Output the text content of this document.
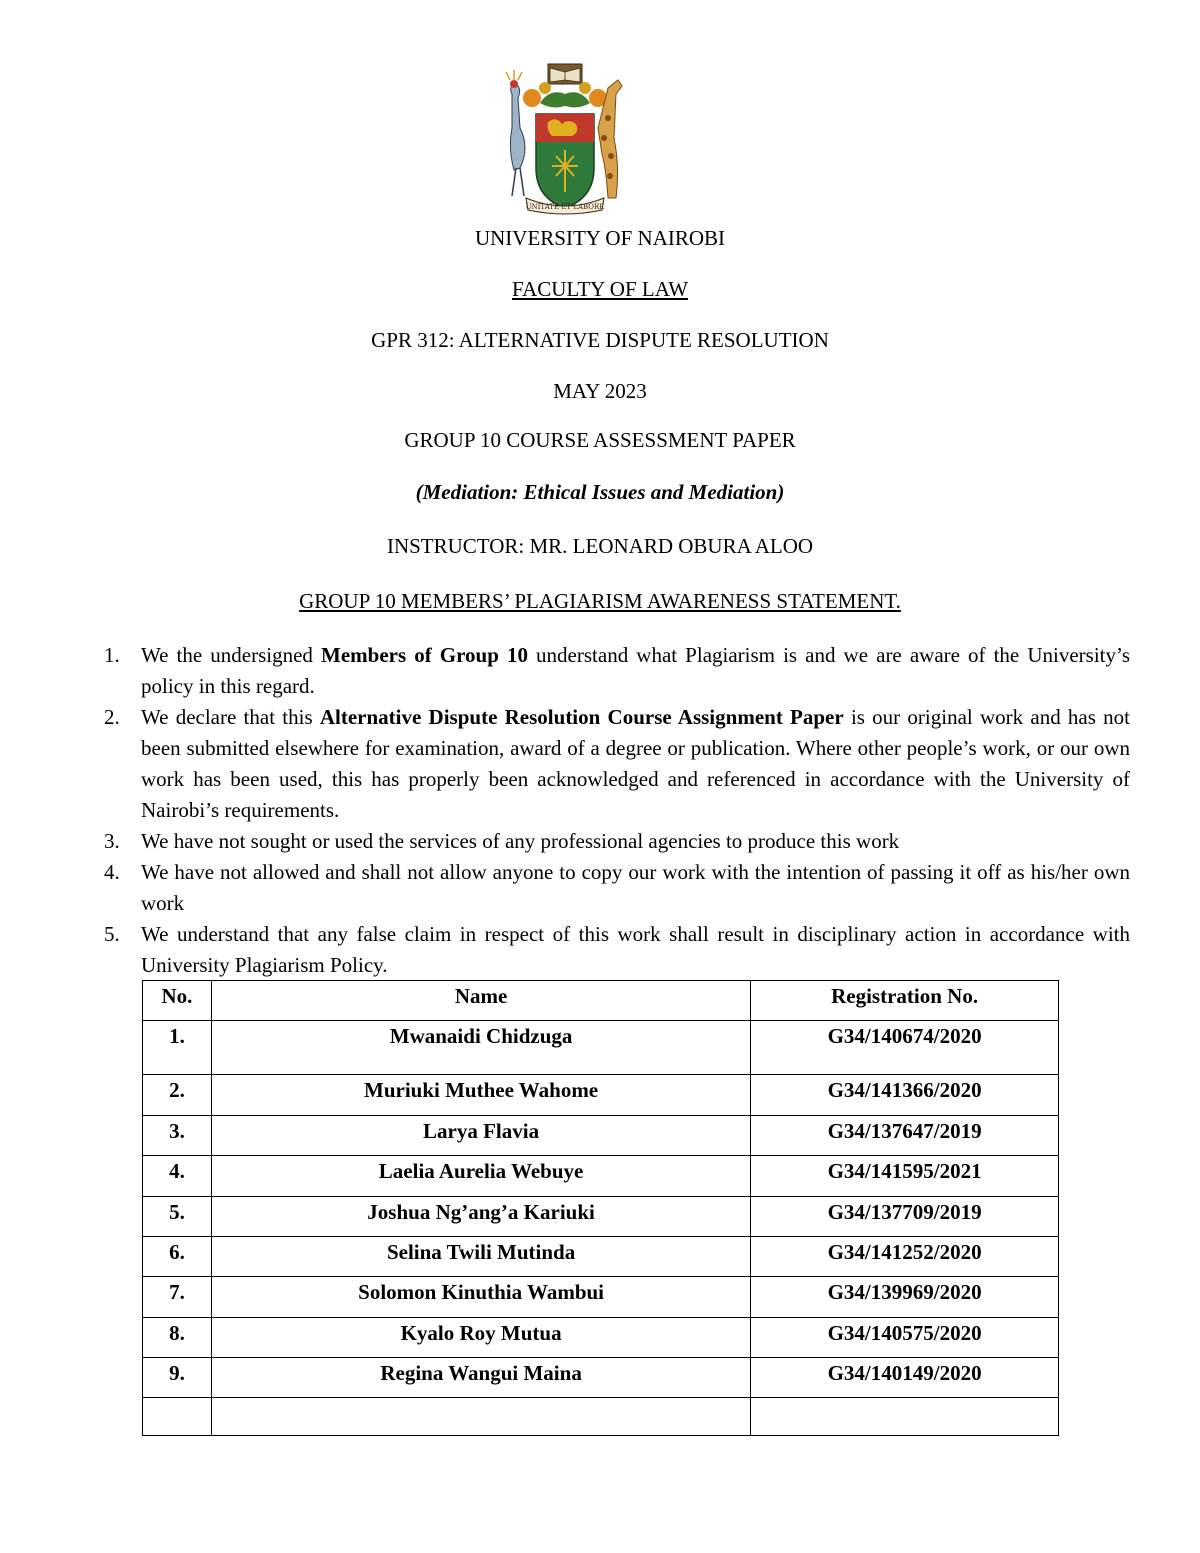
UNITATE ET LABORE
UNIVERSITY OF NAIROBI
FACULTY OF LAW
GPR 312: ALTERNATIVE DISPUTE RESOLUTION
MAY 2023
GROUP 10 COURSE ASSESSMENT PAPER
(Mediation: Ethical Issues and Mediation)
INSTRUCTOR: MR. LEONARD OBURA ALOO
GROUP 10 MEMBERS’ PLAGIARISM AWARENESS STATEMENT.
1. We the undersigned Members of Group 10 understand what Plagiarism is and we are aware of the University’s policy in this regard.
2. We declare that this Alternative Dispute Resolution Course Assignment Paper is our original work and has not been submitted elsewhere for examination, award of a degree or publication. Where other people’s work, or our own work has been used, this has properly been acknowledged and referenced in accordance with the University of Nairobi’s requirements.
3. We have not sought or used the services of any professional agencies to produce this work
4. We have not allowed and shall not allow anyone to copy our work with the intention of passing it off as his/her own work
5. We understand that any false claim in respect of this work shall result in disciplinary action in accordance with University Plagiarism Policy.
No.	Name	Registration No.
1.	Mwanaidi Chidzuga	G34/140674/2020
2.	Muriuki Muthee Wahome	G34/141366/2020
3.	Larya Flavia	G34/137647/2019
4.	Laelia Aurelia Webuye	G34/141595/2021
5.	Joshua Ng’ang’a Kariuki	G34/137709/2019
6.	Selina Twili Mutinda	G34/141252/2020
7.	Solomon Kinuthia Wambui	G34/139969/2020
8.	Kyalo Roy Mutua	G34/140575/2020
9.	Regina Wangui Maina	G34/140149/2020
